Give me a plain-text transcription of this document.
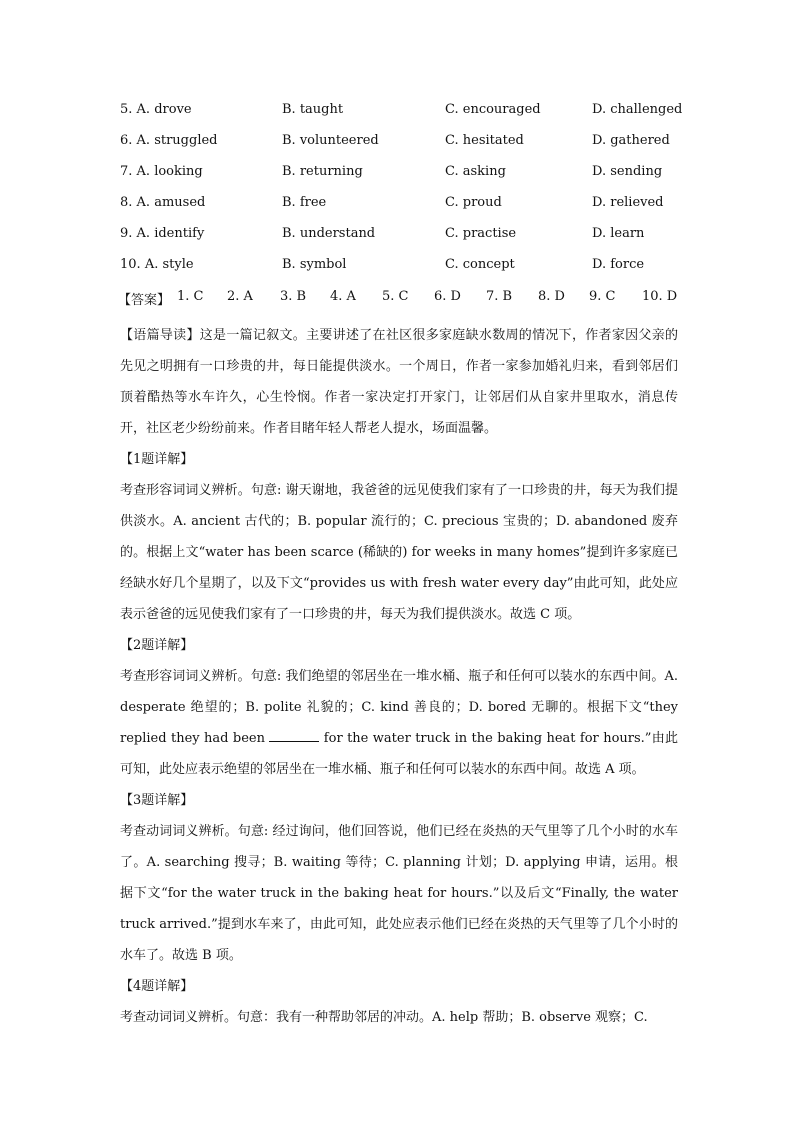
5. A. drove	B. taught	C. encouraged	D. challenged
6. A. struggled	B. volunteered	C. hesitated	D. gathered
7. A. looking	B. returning	C. asking	D. sending
8. A. amused	B. free	C. proud	D. relieved
9. A. identify	B. understand	C. practise	D. learn
10. A. style	B. symbol	C. concept	D. force
【答案】 1. C 2. A 3. B 4. A 5. C 6. D 7. B 8. D 9. C 10. D

【语篇导读】这是一篇记叙文。主要讲述了在社区很多家庭缺水数周的情况下，作者家因父亲的先见之明拥有一口珍贵的井，每日能提供淡水。一个周日，作者一家参加婚礼归来，看到邻居们顶着酷热等水车许久，心生怜悯。作者一家决定打开家门，让邻居们从自家井里取水，消息传开，社区老少纷纷前来。作者目睹年轻人帮老人提水，场面温馨。

【1题详解】

考查形容词词义辨析。句意: 谢天谢地，我爸爸的远见使我们家有了一口珍贵的井，每天为我们提供淡水。A. ancient 古代的；B. popular 流行的；C. precious 宝贵的；D. abandoned 废弃的。根据上文“water has been scarce (稀缺的) for weeks in many homes”提到许多家庭已经缺水好几个星期了，以及下文“provides us with fresh water every day”由此可知，此处应表示爸爸的远见使我们家有了一口珍贵的井，每天为我们提供淡水。故选 C 项。

【2题详解】

考查形容词词义辨析。句意: 我们绝望的邻居坐在一堆水桶、瓶子和任何可以装水的东西中间。A. desperate 绝望的；B. polite 礼貌的；C. kind 善良的；D. bored 无聊的。根据下文“they replied they had been	for the water truck in the baking heat for hours.”由此可知，此处应表示绝望的邻居坐在一堆水桶、瓶子和任何可以装水的东西中间。故选 A 项。

【3题详解】

考查动词词义辨析。句意: 经过询问，他们回答说，他们已经在炎热的天气里等了几个小时的水车了。A. searching 搜寻；B. waiting 等待；C. planning 计划；D. applying 申请，运用。根据下文“for the water truck in the baking heat for hours.”以及后文“Finally, the water truck arrived.”提到水车来了，由此可知，此处应表示他们已经在炎热的天气里等了几个小时的水车了。故选 B 项。

【4题详解】

考查动词词义辨析。句意：我有一种帮助邻居的冲动。A. help 帮助；B. observe 观察；C.
